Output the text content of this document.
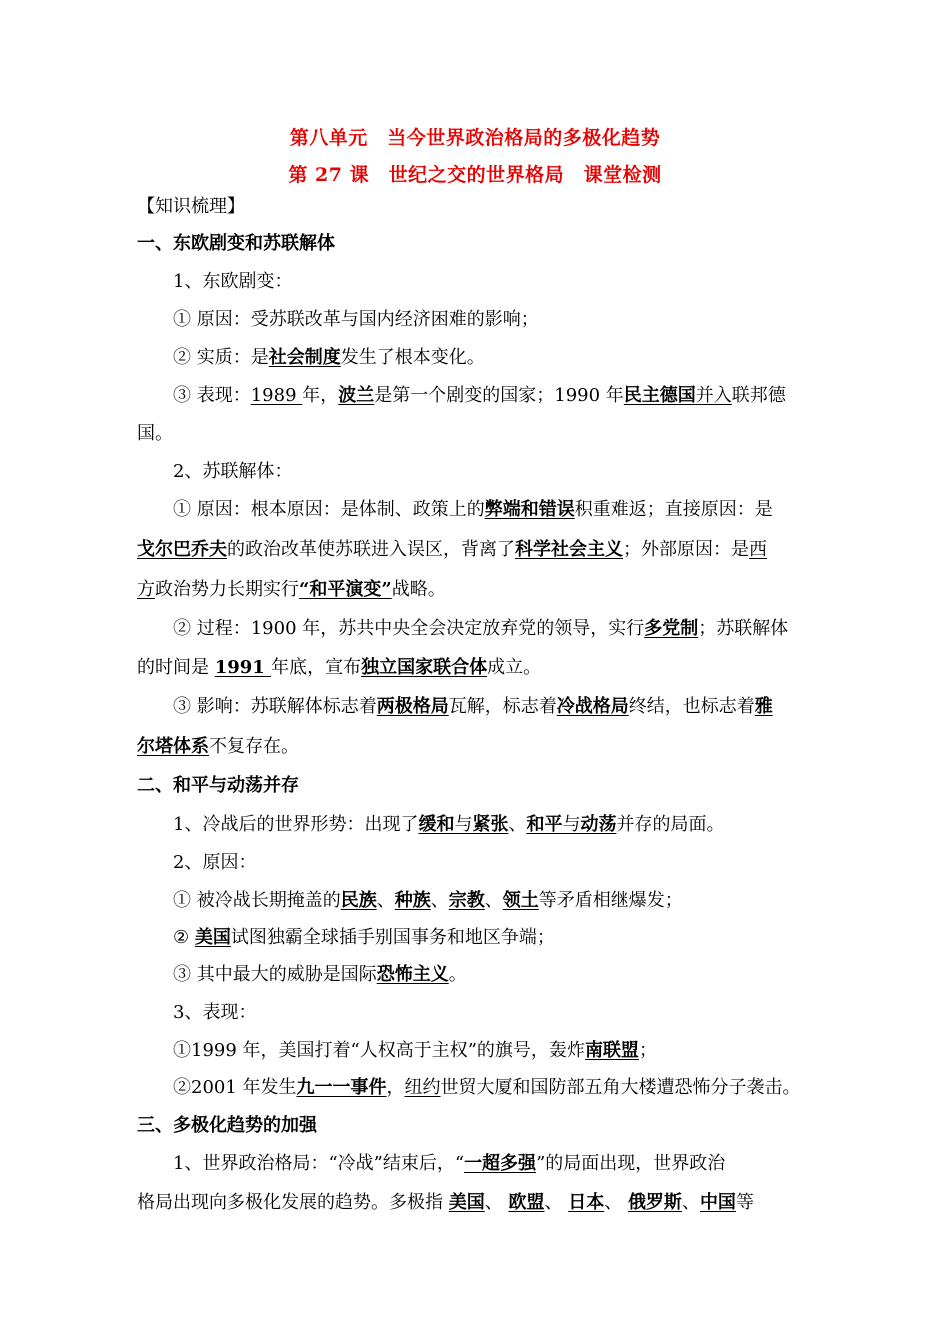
第八单元　当今世界政治格局的多极化趋势
第 27 课　世纪之交的世界格局　课堂检测
【知识梳理】
一、东欧剧变和苏联解体
1、东欧剧变：
① 原因：受苏联改革与国内经济困难的影响；
② 实质：是社会制度发生了根本变化。
③ 表现：1989 年，波兰是第一个剧变的国家；1990 年民主德国并入联邦德
国。
2、苏联解体：
① 原因：根本原因：是体制、政策上的弊端和错误积重难返；直接原因：是
戈尔巴乔夫的政治改革使苏联进入误区，背离了科学社会主义；外部原因：是西
方政治势力长期实行“和平演变”战略。
② 过程：1900 年，苏共中央全会决定放弃党的领导，实行多党制；苏联解体
的时间是 1991 年底，宣布独立国家联合体成立。
③ 影响：苏联解体标志着两极格局瓦解，标志着冷战格局终结，也标志着雅
尔塔体系不复存在。
二、和平与动荡并存
1、冷战后的世界形势：出现了缓和与紧张、和平与动荡并存的局面。
2、原因：
① 被冷战长期掩盖的民族、种族、宗教、领土等矛盾相继爆发；
② 美国试图独霸全球插手别国事务和地区争端；
③ 其中最大的威胁是国际恐怖主义。
3、表现：
①1999 年，美国打着“人权高于主权”的旗号，轰炸南联盟；
②2001 年发生九一一事件，纽约世贸大厦和国防部五角大楼遭恐怖分子袭击。
三、多极化趋势的加强
1、世界政治格局：“冷战”结束后，“一超多强”的局面出现，世界政治
格局出现向多极化发展的趋势。多极指 美国、 欧盟、 日本、 俄罗斯、中国等
